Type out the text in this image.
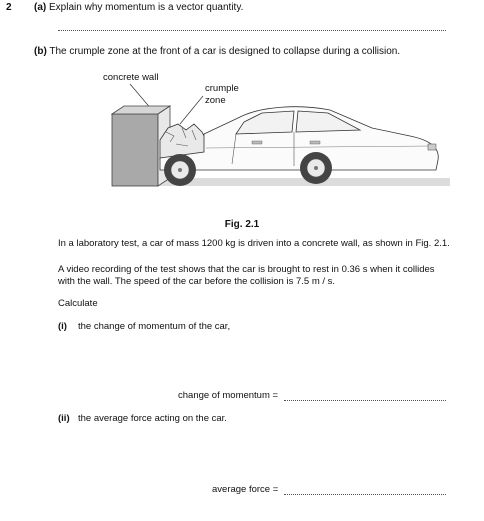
2 (a) Explain why momentum is a vector quantity.
(b) The crumple zone at the front of a car is designed to collapse during a collision.
concrete wall
crumple
zone
Fig. 2.1
In a laboratory test, a car of mass 1200 kg is driven into a concrete wall, as shown in Fig. 2.1.
A video recording of the test shows that the car is brought to rest in 0.36 s when it collides
with the wall. The speed of the car before the collision is 7.5 m / s.
Calculate
(i) the change of momentum of the car,
change of momentum =
(ii) the average force acting on the car.
average force =
